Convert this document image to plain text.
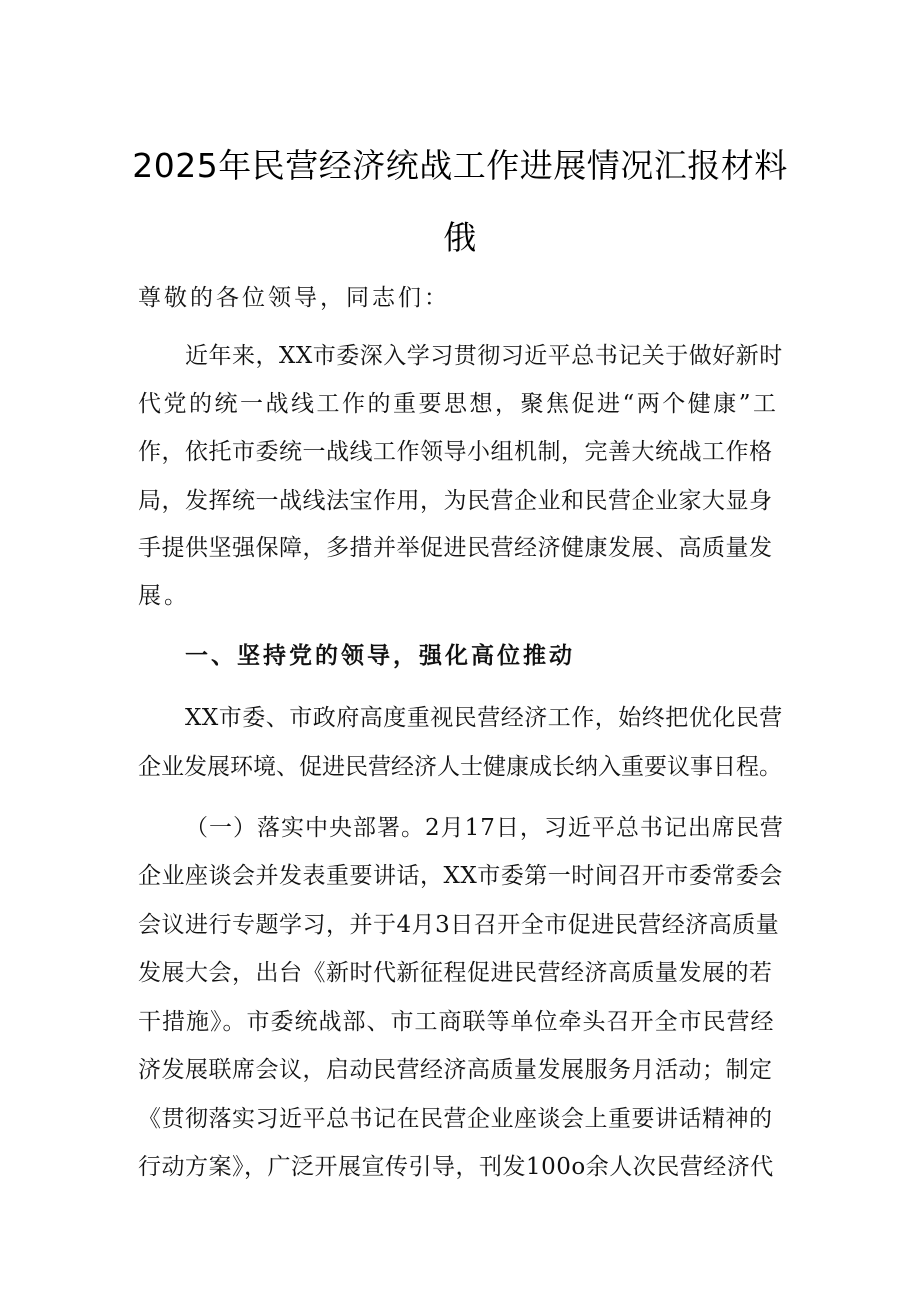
2025年民营经济统战工作进展情况汇报材料
俄
尊敬的各位领导，同志们：
近年来，XX市委深入学习贯彻习近平总书记关于做好新时
代党的统一战线工作的重要思想，聚焦促进“两个健康”工
作，依托市委统一战线工作领导小组机制，完善大统战工作格
局，发挥统一战线法宝作用，为民营企业和民营企业家大显身
手提供坚强保障，多措并举促进民营经济健康发展、高质量发
展。
一、坚持党的领导，强化高位推动
XX市委、市政府高度重视民营经济工作，始终把优化民营
企业发展环境、促进民营经济人士健康成长纳入重要议事日程。
（一）落实中央部署。2月17日，习近平总书记出席民营
企业座谈会并发表重要讲话，XX市委第一时间召开市委常委会
会议进行专题学习，并于4月3日召开全市促进民营经济高质量
发展大会，出台《新时代新征程促进民营经济高质量发展的若
干措施》。市委统战部、市工商联等单位牵头召开全市民营经
济发展联席会议，启动民营经济高质量发展服务月活动；制定
《贯彻落实习近平总书记在民营企业座谈会上重要讲话精神的
行动方案》，广泛开展宣传引导，刊发100o余人次民营经济代
